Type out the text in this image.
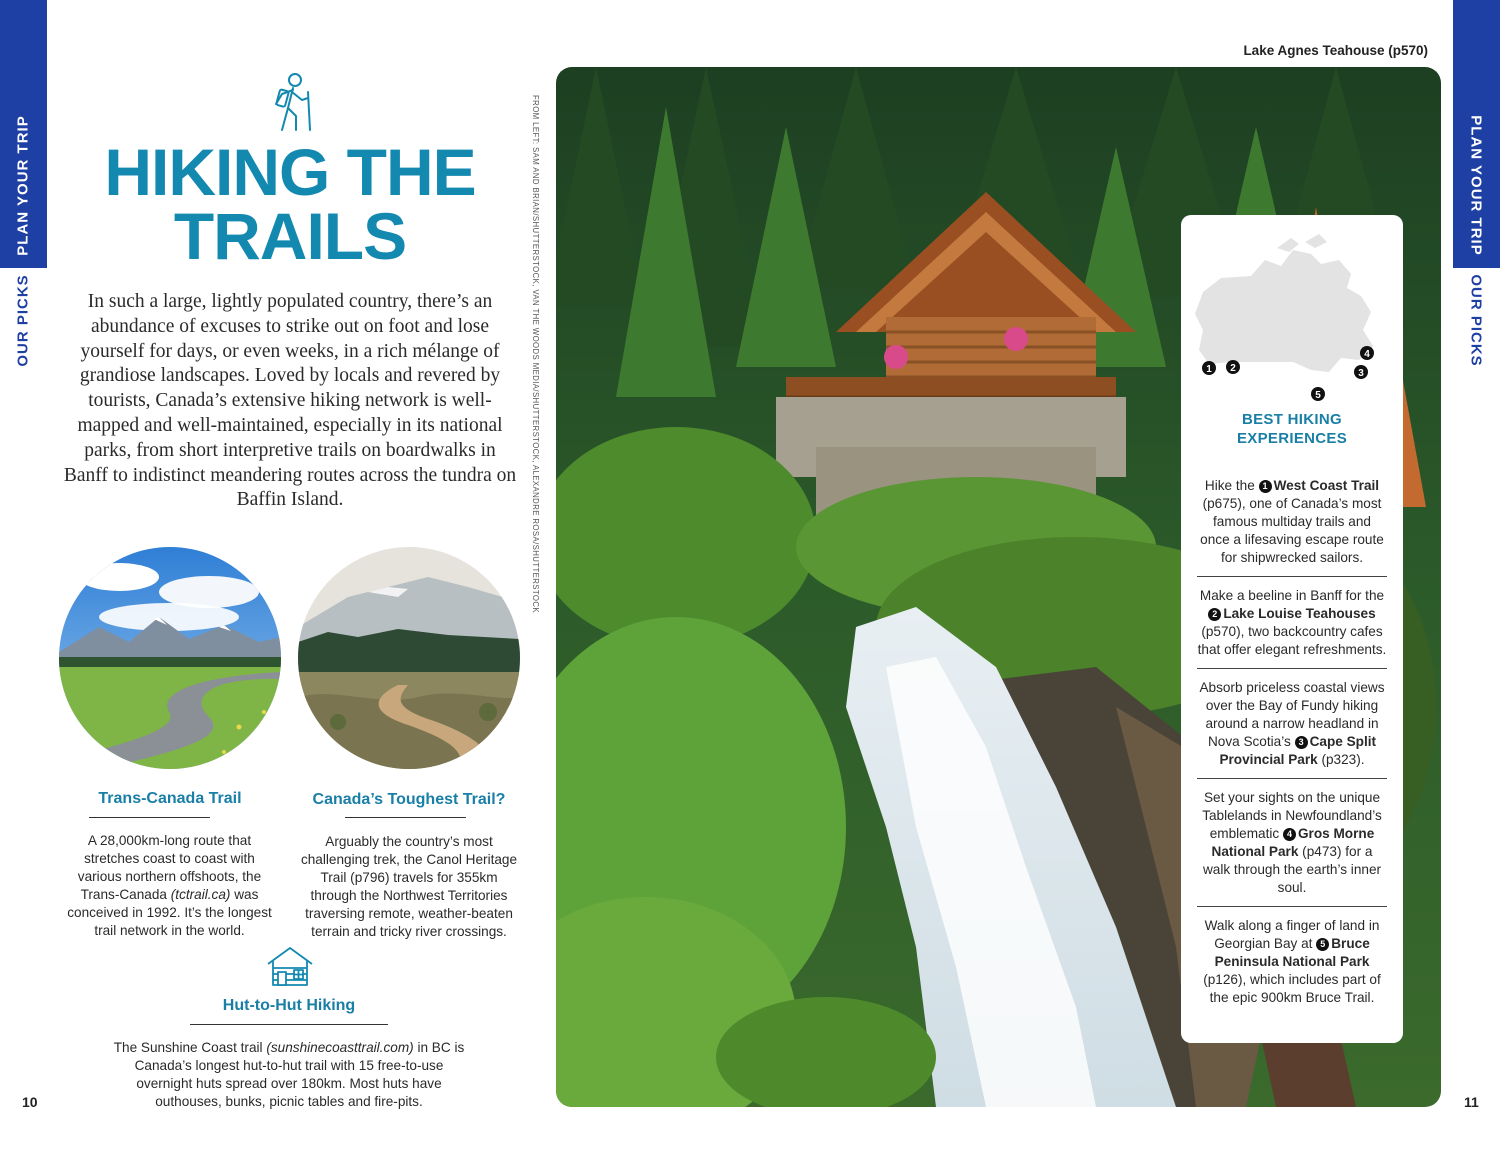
PLAN YOUR TRIP
OUR PICKS
PLAN YOUR TRIP
OUR PICKS
10	11
HIKING THE
TRAILS

In such a large, lightly populated country, there’s an abundance of excuses to strike out on foot and lose yourself for days, or even weeks, in a rich mélange of grandiose landscapes. Loved by locals and revered by tourists, Canada’s extensive hiking network is well-mapped and well-maintained, especially in its national parks, from short interpretive trails on boardwalks in Banff to indistinct meandering routes across the tundra on Baffin Island.

Trans-Canada Trail

A 28,000km-long route that stretches coast to coast with various northern offshoots, the Trans-Canada (tctrail.ca) was conceived in 1992. It’s the longest trail network in the world.

Canada’s Toughest Trail?

Arguably the country’s most challenging trek, the Canol Heritage Trail (p796) travels for 355km through the Northwest Territories traversing remote, weather-beaten terrain and tricky river crossings.

Hut-to-Hut Hiking

The Sunshine Coast trail (sunshinecoasttrail.com) in BC is Canada’s longest hut-to-hut trail with 15 free-to-use overnight huts spread over 180km. Most huts have outhouses, bunks, picnic tables and fire-pits.

FROM LEFT: SAM AND BRIAN/SHUTTERSTOCK, VAN THE WOODS MEDIA/SHUTTERSTOCK, ALEXANDRE ROSA/SHUTTERSTOCK
Lake Agnes Teahouse (p570)
1 2	3
4
5
BEST HIKING
EXPERIENCES
Hike the 1 West Coast Trail (p675), one of Canada’s most famous multiday trails and once a lifesaving escape route for shipwrecked sailors.
Make a beeline in Banff for the 2 Lake Louise Teahouses (p570), two backcountry cafes that offer elegant refreshments.
Absorb priceless coastal views over the Bay of Fundy hiking around a narrow headland in Nova Scotia’s 3 Cape Split Provincial Park (p323).
Set your sights on the unique Tablelands in Newfoundland’s emblematic 4 Gros Morne National Park (p473) for a walk through the earth’s inner soul.
Walk along a finger of land in Georgian Bay at 5 Bruce Peninsula National Park (p126), which includes part of the epic 900km Bruce Trail.
